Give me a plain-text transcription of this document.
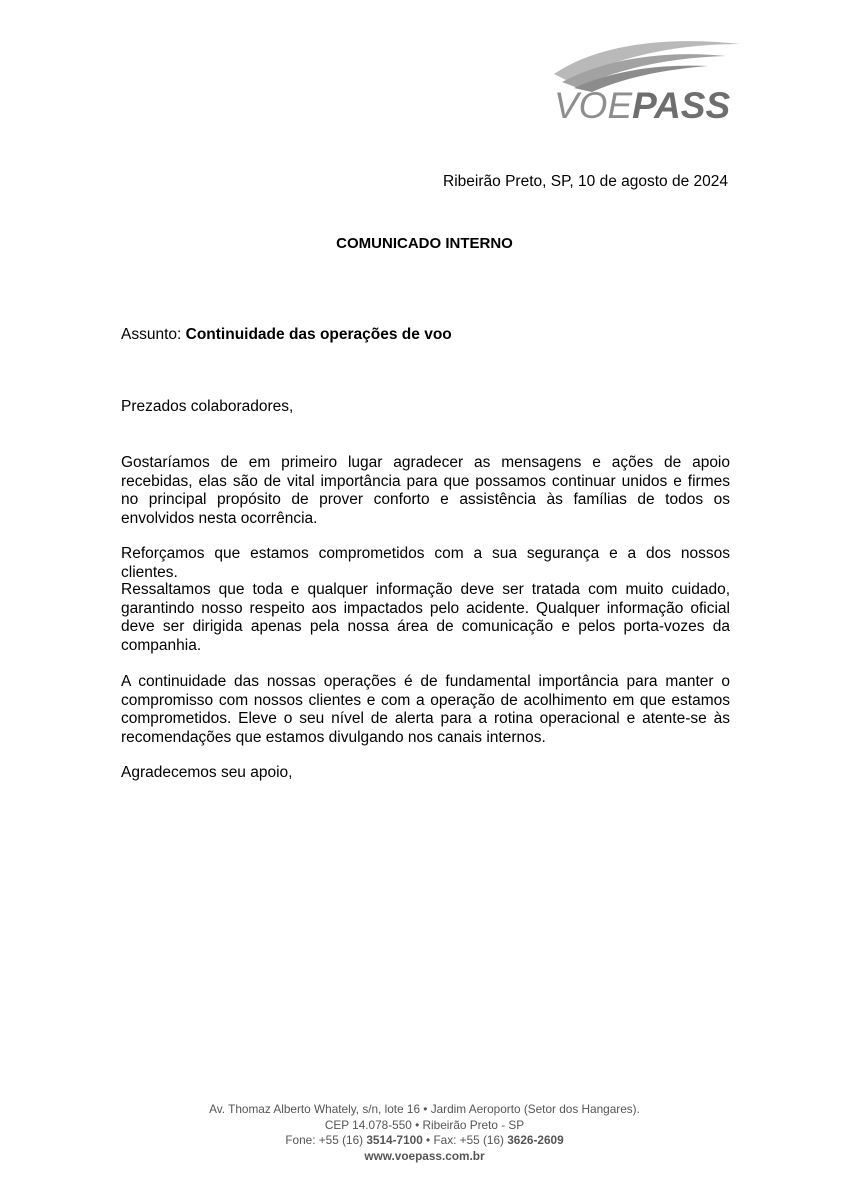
VOEPASS
Ribeirão Preto, SP, 10 de agosto de 2024
COMUNICADO INTERNO
Assunto: Continuidade das operações de voo

Prezados colaboradores,

Gostaríamos de em primeiro lugar agradecer as mensagens e ações de apoio recebidas, elas são de vital importância para que possamos continuar unidos e firmes no principal propósito de prover conforto e assistência às famílias de todos os envolvidos nesta ocorrência.

Reforçamos que estamos comprometidos com a sua segurança e a dos nossos clientes.

Ressaltamos que toda e qualquer informação deve ser tratada com muito cuidado, garantindo nosso respeito aos impactados pelo acidente. Qualquer informação oficial deve ser dirigida apenas pela nossa área de comunicação e pelos porta-vozes da companhia.

A continuidade das nossas operações é de fundamental importância para manter o compromisso com nossos clientes e com a operação de acolhimento em que estamos comprometidos. Eleve o seu nível de alerta para a rotina operacional e atente-se às recomendações que estamos divulgando nos canais internos.

Agradecemos seu apoio,

Av. Thomaz Alberto Whately, s/n, lote 16 • Jardim Aeroporto (Setor dos Hangares).
CEP 14.078-550 • Ribeirão Preto - SP
Fone: +55 (16) 3514-7100 • Fax: +55 (16) 3626-2609
www.voepass.com.br
